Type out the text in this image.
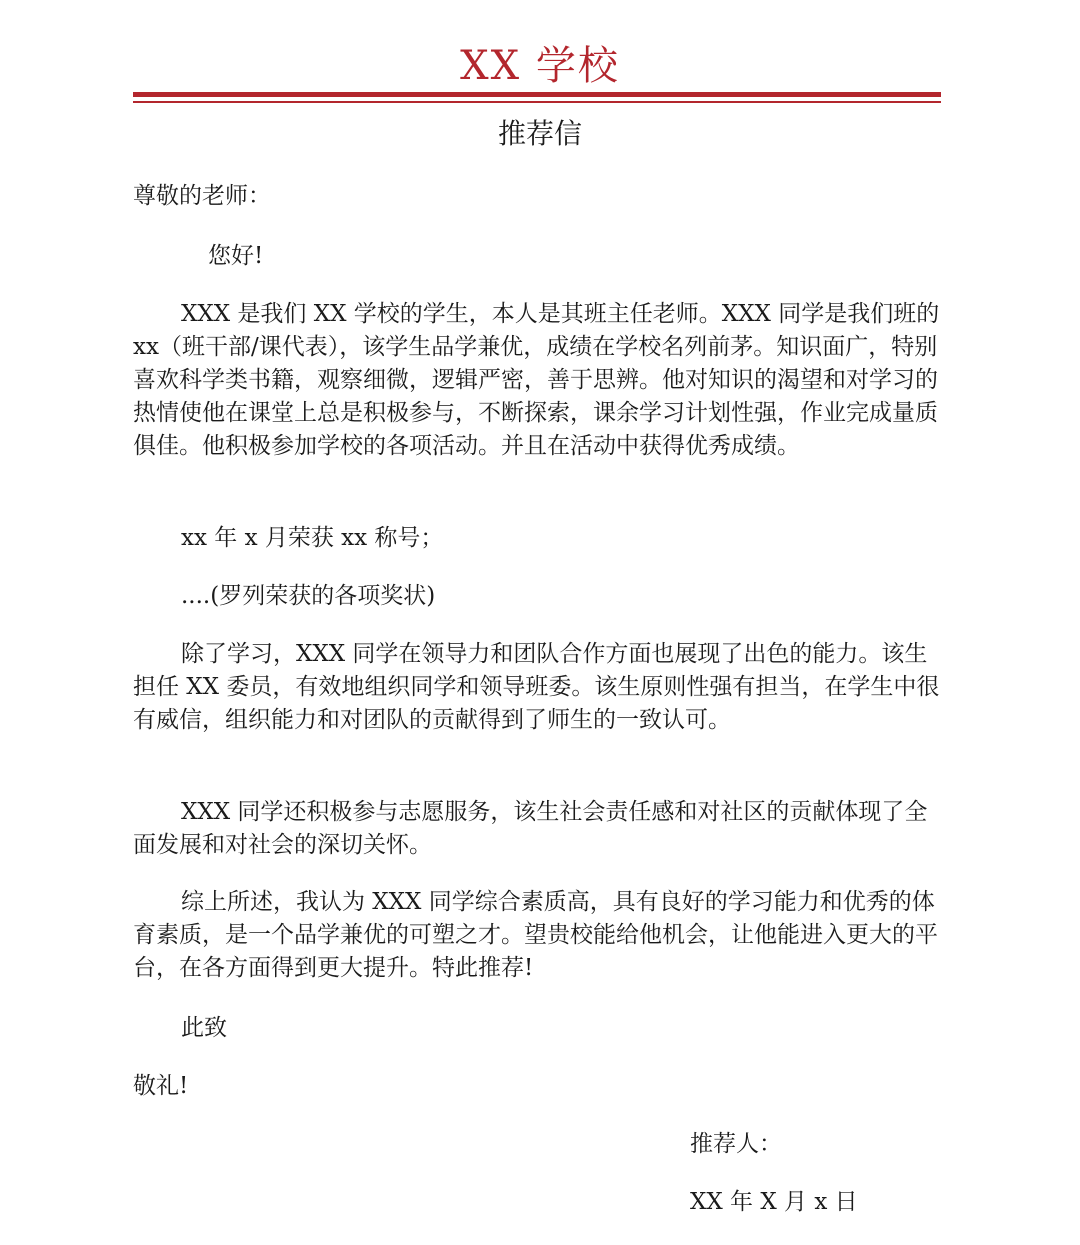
XX 学校
推荐信

尊敬的老师：

您好!

XXX 是我们 XX 学校的学生，本人是其班主任老师。XXX 同学是我们班的 xx（班干部/课代表），该学生品学兼优，成绩在学校名列前茅。知识面广，特别喜欢科学类书籍，观察细微，逻辑严密，善于思辨。他对知识的渴望和对学习的热情使他在课堂上总是积极参与，不断探索，课余学习计划性强，作业完成量质俱佳。他积极参加学校的各项活动。并且在活动中获得优秀成绩。

xx 年 x 月荣获 xx 称号；

....(罗列荣获的各项奖状)

除了学习，XXX 同学在领导力和团队合作方面也展现了出色的能力。该生担任 XX 委员，有效地组织同学和领导班委。该生原则性强有担当，在学生中很有威信，组织能力和对团队的贡献得到了师生的一致认可。

XXX 同学还积极参与志愿服务，该生社会责任感和对社区的贡献体现了全面发展和对社会的深切关怀。

综上所述，我认为 XXX 同学综合素质高，具有良好的学习能力和优秀的体育素质，是一个品学兼优的可塑之才。望贵校能给他机会，让他能进入更大的平台，在各方面得到更大提升。特此推荐!

此致

敬礼!

推荐人：

XX 年 X 月 x 日
